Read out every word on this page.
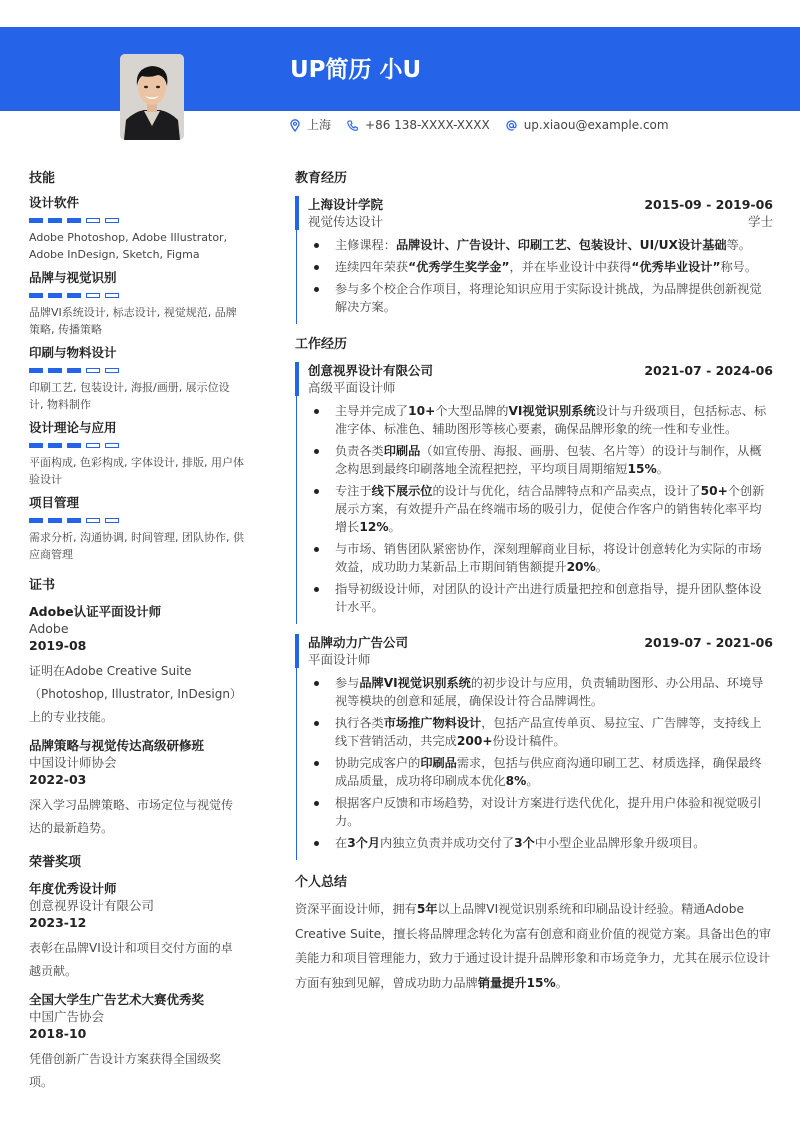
UP简历 小U
上海	+86 138-XXXX-XXXX	up.xiaou@example.com
技能
设计软件
Adobe Photoshop, Adobe Illustrator, Adobe InDesign, Sketch, Figma
品牌与视觉识别
品牌VI系统设计, 标志设计, 视觉规范, 品牌策略, 传播策略
印刷与物料设计
印刷工艺, 包装设计, 海报/画册, 展示位设计, 物料制作
设计理论与应用
平面构成, 色彩构成, 字体设计, 排版, 用户体验设计
项目管理
需求分析, 沟通协调, 时间管理, 团队协作, 供应商管理
证书
Adobe认证平面设计师
Adobe
2019-08
证明在Adobe Creative Suite（Photoshop, Illustrator, InDesign）上的专业技能。
品牌策略与视觉传达高级研修班
中国设计师协会
2022-03
深入学习品牌策略、市场定位与视觉传达的最新趋势。
荣誉奖项
年度优秀设计师
创意视界设计有限公司
2023-12
表彰在品牌VI设计和项目交付方面的卓越贡献。
全国大学生广告艺术大赛优秀奖
中国广告协会
2018-10
凭借创新广告设计方案获得全国级奖项。
教育经历
上海设计学院	2015-09 - 2019-06
视觉传达设计	学士
主修课程：品牌设计、广告设计、印刷工艺、包装设计、UI/UX设计基础等。
连续四年荣获“优秀学生奖学金”，并在毕业设计中获得“优秀毕业设计”称号。
参与多个校企合作项目，将理论知识应用于实际设计挑战，为品牌提供创新视觉解决方案。
工作经历
创意视界设计有限公司	2021-07 - 2024-06
高级平面设计师
主导并完成了10+个大型品牌的VI视觉识别系统设计与升级项目，包括标志、标准字体、标准色、辅助图形等核心要素，确保品牌形象的统一性和专业性。
负责各类印刷品（如宣传册、海报、画册、包装、名片等）的设计与制作，从概念构思到最终印刷落地全流程把控，平均项目周期缩短15%。
专注于线下展示位的设计与优化，结合品牌特点和产品卖点，设计了50+个创新展示方案，有效提升产品在终端市场的吸引力，促使合作客户的销售转化率平均增长12%。
与市场、销售团队紧密协作，深刻理解商业目标，将设计创意转化为实际的市场效益，成功助力某新品上市期间销售额提升20%。
指导初级设计师，对团队的设计产出进行质量把控和创意指导，提升团队整体设计水平。
品牌动力广告公司	2019-07 - 2021-06
平面设计师
参与品牌VI视觉识别系统的初步设计与应用，负责辅助图形、办公用品、环境导视等模块的创意和延展，确保设计符合品牌调性。
执行各类市场推广物料设计，包括产品宣传单页、易拉宝、广告牌等，支持线上线下营销活动，共完成200+份设计稿件。
协助完成客户的印刷品需求，包括与供应商沟通印刷工艺、材质选择，确保最终成品质量，成功将印刷成本优化8%。
根据客户反馈和市场趋势，对设计方案进行迭代优化，提升用户体验和视觉吸引力。
在3个月内独立负责并成功交付了3个中小型企业品牌形象升级项目。
个人总结
资深平面设计师，拥有5年以上品牌VI视觉识别系统和印刷品设计经验。精通Adobe Creative Suite，擅长将品牌理念转化为富有创意和商业价值的视觉方案。具备出色的审美能力和项目管理能力，致力于通过设计提升品牌形象和市场竞争力，尤其在展示位设计方面有独到见解，曾成功助力品牌销量提升15%。
